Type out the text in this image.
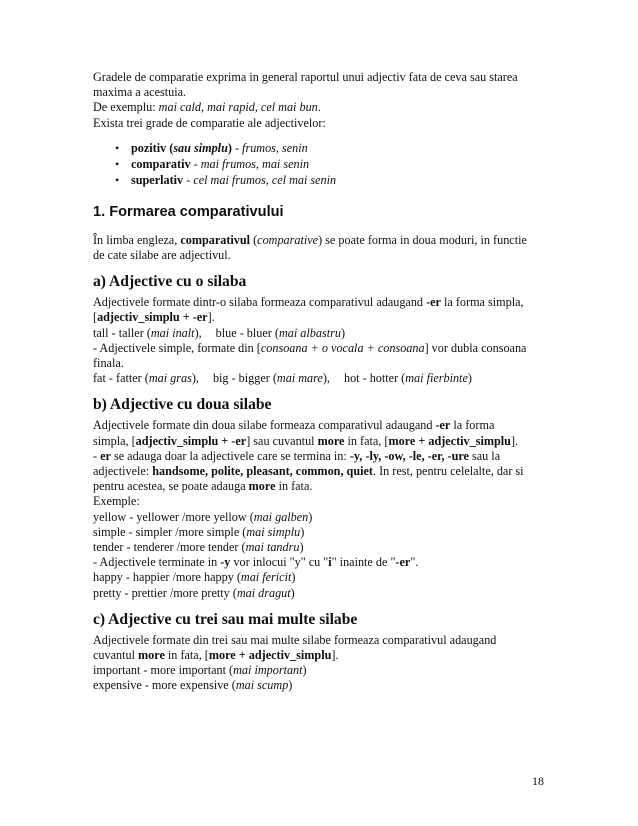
Gradele de comparatie exprima in general raportul unui adjectiv fata de ceva sau starea
maxima a acestuia.
De exemplu: mai cald, mai rapid, cel mai bun.
Exista trei grade de comparatie ale adjectivelor:

• pozitiv (sau simplu) - frumos, senin
• comparativ - mai frumos, mai senin
• superlativ - cel mai frumos, cel mai senin
1. Formarea comparativului

În limba engleza, comparativul (comparative) se poate forma in doua moduri, in functie
de cate silabe are adjectivul.

a) Adjective cu o silaba

Adjectivele formate dintr-o silaba formeaza comparativul adaugand -er la forma simpla,
[adjectiv_simplu + -er].
tall - taller (mai inalt), blue - bluer (mai albastru)
- Adjectivele simple, formate din [consoana + o vocala + consoana] vor dubla consoana
finala.
fat - fatter (mai gras), big - bigger (mai mare), hot - hotter (mai fierbinte)

b) Adjective cu doua silabe

Adjectivele formate din doua silabe formeaza comparativul adaugand -er la forma
simpla, [adjectiv_simplu + -er] sau cuvantul more in fata, [more + adjectiv_simplu].
- er se adauga doar la adjectivele care se termina in: -y, -ly, -ow, -le, -er, -ure sau la
adjectivele: handsome, polite, pleasant, common, quiet. In rest, pentru celelalte, dar si
pentru acestea, se poate adauga more in fata.
Exemple:
yellow - yellower /more yellow (mai galben)
simple - simpler /more simple (mai simplu)
tender - tenderer /more tender (mai tandru)
- Adjectivele terminate in -y vor inlocui "y" cu "i" inainte de "-er".
happy - happier /more happy (mai fericit)
pretty - prettier /more pretty (mai dragut)

c) Adjective cu trei sau mai multe silabe

Adjectivele formate din trei sau mai multe silabe formeaza comparativul adaugand
cuvantul more in fata, [more + adjectiv_simplu].
important - more important (mai important)
expensive - more expensive (mai scump)

18
